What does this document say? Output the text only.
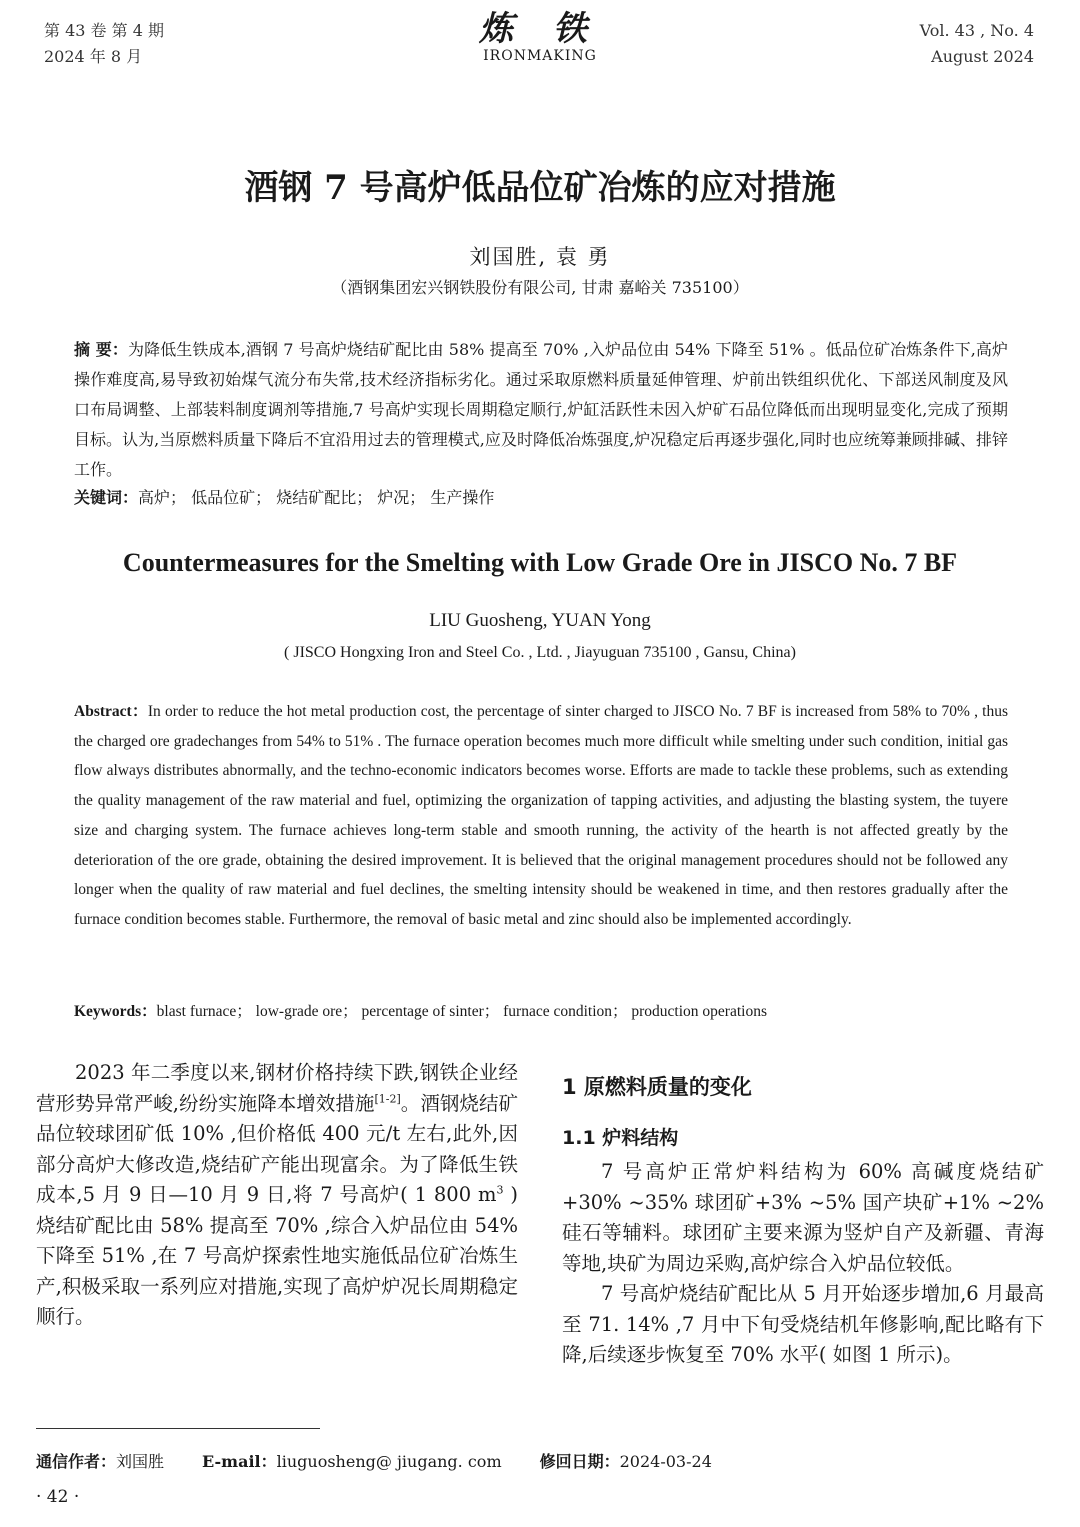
第 43 卷 第 4 期
2024 年 8 月
炼 铁
IRONMAKING
Vol. 43 , No. 4
August 2024
酒钢 7 号高炉低品位矿冶炼的应对措施
刘国胜, 袁 勇
（酒钢集团宏兴钢铁股份有限公司, 甘肃 嘉峪关 735100）
摘 要：为降低生铁成本,酒钢 7 号高炉烧结矿配比由 58% 提高至 70% ,入炉品位由 54% 下降至 51% 。低品位矿冶炼条件下,高炉操作难度高,易导致初始煤气流分布失常,技术经济指标劣化。通过采取原燃料质量延伸管理、炉前出铁组织优化、下部送风制度及风口布局调整、上部装料制度调剂等措施,7 号高炉实现长周期稳定顺行,炉缸活跃性未因入炉矿石品位降低而出现明显变化,完成了预期目标。认为,当原燃料质量下降后不宜沿用过去的管理模式,应及时降低冶炼强度,炉况稳定后再逐步强化,同时也应统筹兼顾排碱、排锌工作。
关键词：高炉； 低品位矿； 烧结矿配比； 炉况； 生产操作
Countermeasures for the Smelting with Low Grade Ore in JISCO No. 7 BF
LIU Guosheng, YUAN Yong
( JISCO Hongxing Iron and Steel Co. , Ltd. , Jiayuguan 735100 , Gansu, China)
Abstract：In order to reduce the hot metal production cost, the percentage of sinter charged to JISCO No. 7 BF is increased from 58% to 70% , thus the charged ore gradechanges from 54% to 51% . The furnace operation becomes much more difficult while smelting under such condition, initial gas flow always distributes abnormally, and the techno-economic indicators becomes worse. Efforts are made to tackle these problems, such as extending the quality management of the raw material and fuel, optimizing the organization of tapping activities, and adjusting the blasting system, the tuyere size and charging system. The furnace achieves long-term stable and smooth running, the activity of the hearth is not affected greatly by the deterioration of the ore grade, obtaining the desired improvement. It is believed that the original management procedures should not be followed any longer when the quality of raw material and fuel declines, the smelting intensity should be weakened in time, and then restores gradually after the furnace condition becomes stable. Furthermore, the removal of basic metal and zinc should also be implemented accordingly.
Keywords：blast furnace； low-grade ore； percentage of sinter； furnace condition； production operations
2023 年二季度以来,钢材价格持续下跌,钢铁企业经营形势异常严峻,纷纷实施降本增效措施[1-2]。酒钢烧结矿品位较球团矿低 10% ,但价格低 400 元/t 左右,此外,因部分高炉大修改造,烧结矿产能出现富余。为了降低生铁成本,5 月 9 日—10 月 9 日,将 7 号高炉( 1 800 $m^3$ ) 烧结矿配比由 58% 提高至 70% ,综合入炉品位由 54% 下降至 51% ,在 7 号高炉探索性地实施低品位矿冶炼生产,积极采取一系列应对措施,实现了高炉炉况长周期稳定顺行。
1 原燃料质量的变化
1.1 炉料结构

7 号高炉正常炉料结构为 60% 高碱度烧结矿+30% ~35% 球团矿+3% ~5% 国产块矿+1% ~2% 硅石等辅料。球团矿主要来源为竖炉自产及新疆、青海等地,块矿为周边采购,高炉综合入炉品位较低。

7 号高炉烧结矿配比从 5 月开始逐步增加,6 月最高至 71. 14% ,7 月中下旬受烧结机年修影响,配比略有下降,后续逐步恢复至 70% 水平( 如图 1 所示)。

通信作者：刘国胜 E-mail：liuguosheng@ jiugang. com 修回日期：2024-03-24
· 42 ·
